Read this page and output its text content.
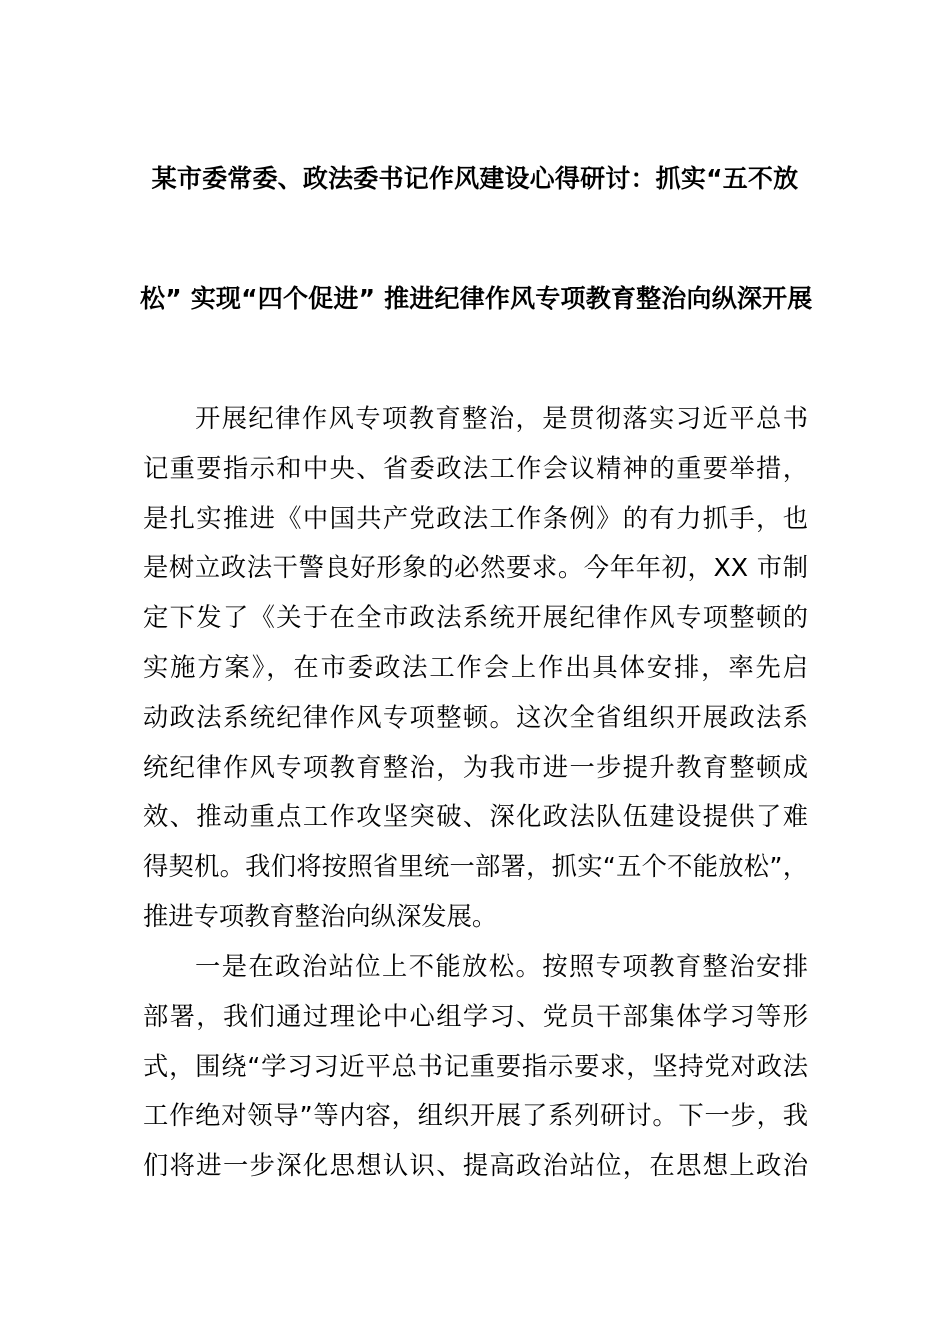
某市委常委、政法委书记作风建设心得研讨：抓实“五不放
松” 实现“四个促进” 推进纪律作风专项教育整治向纵深开展
开展纪律作风专项教育整治，是贯彻落实习近平总书
记重要指示和中央、省委政法工作会议精神的重要举措，
是扎实推进《中国共产党政法工作条例》的有力抓手，也
是树立政法干警良好形象的必然要求。今年年初，XX 市制
定下发了《关于在全市政法系统开展纪律作风专项整顿的
实施方案》，在市委政法工作会上作出具体安排，率先启
动政法系统纪律作风专项整顿。这次全省组织开展政法系
统纪律作风专项教育整治，为我市进一步提升教育整顿成
效、推动重点工作攻坚突破、深化政法队伍建设提供了难
得契机。我们将按照省里统一部署，抓实“五个不能放松”，
推进专项教育整治向纵深发展。
一是在政治站位上不能放松。按照专项教育整治安排
部署，我们通过理论中心组学习、党员干部集体学习等形
式，围绕“学习习近平总书记重要指示要求，坚持党对政法
工作绝对领导”等内容，组织开展了系列研讨。下一步，我
们将进一步深化思想认识、提高政治站位，在思想上政治
